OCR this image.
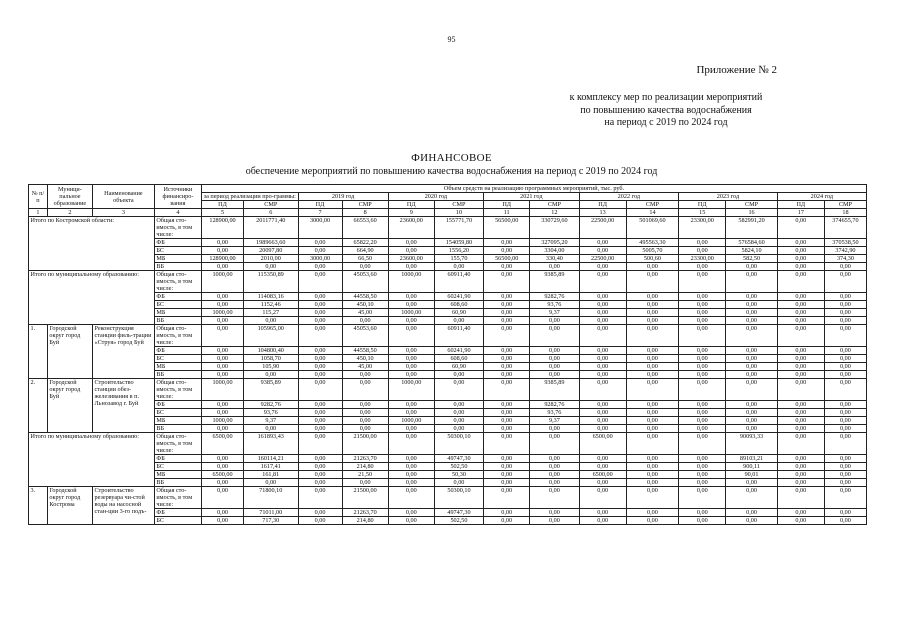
95
Приложение № 2
к комплексу мер по реализации мероприятий
по повышению качества водоснабжения
на период с 2019 по 2024 год
ФИНАНСОВОЕ
обеспечение мероприятий по повышению качества водоснабжения на период с 2019 по 2024 год
№ п/п	Муници-пальное образование	Наименование объекта	Источники финансиро-вания	Объем средств на реализацию программных мероприятий, тыс. руб.													
				за период реализации про-граммы:		2019 год		2020 год		2021 год		2022 год		2023 год		2024 год	
				ПД	СМР	ПД	СМР	ПД	СМР	ПД	СМР	ПД	СМР	ПД	СМР	ПД	СМР
1	2	3	4	5	6	7	8	9	10	11	12	13	14	15	16	17	18
Итого по Костромской области:			Общая сто-имость, в том числе:	128900,00	2011771,40	3000,00	66553,60	23600,00	155771,70	56500,00	330729,60	22500,00	501069,60	23300,00	582991,20	0,00	374655,70
			ФБ	0,00	1989663,60	0,00	65822,20	0,00	154059,80	0,00	327095,20	0,00	495563,30	0,00	576584,60	0,00	370538,50
			БС	0,00	20097,80	0,00	664,90	0,00	1556,20	0,00	3304,00	0,00	5005,70	0,00	5824,10	0,00	3742,90
			МБ	128900,00	2010,00	3000,00	66,50	23600,00	155,70	56500,00	330,40	22500,00	500,60	23300,00	582,50	0,00	374,30
			ВБ	0,00	0,00	0,00	0,00	0,00	0,00	0,00	0,00	0,00	0,00	0,00	0,00	0,00	0,00
Итого по муниципальному образованию:			Общая сто-имость, в том числе:	1000,00	115350,89	0,00	45053,60	1000,00	60911,40	0,00	9385,89	0,00	0,00	0,00	0,00	0,00	0,00
			ФБ	0,00	114083,16	0,00	44558,50	0,00	60241,90	0,00	9282,76	0,00	0,00	0,00	0,00	0,00	0,00
			БС	0,00	1152,46	0,00	450,10	0,00	608,60	0,00	93,76	0,00	0,00	0,00	0,00	0,00	0,00
			МБ	1000,00	115,27	0,00	45,00	1000,00	60,90	0,00	9,37	0,00	0,00	0,00	0,00	0,00	0,00
			ВБ	0,00	0,00	0,00	0,00	0,00	0,00	0,00	0,00	0,00	0,00	0,00	0,00	0,00	0,00
1.	Городской округ город Буй	Реконструкция станции филь-трации «Струя» город Буй	Общая сто-имость, в том числе:	0,00	105965,00	0,00	45053,60	0,00	60911,40	0,00	0,00	0,00	0,00	0,00	0,00	0,00	0,00
			ФБ	0,00	104800,40	0,00	44558,50	0,00	60241,90	0,00	0,00	0,00	0,00	0,00	0,00	0,00	0,00
			БС	0,00	1058,70	0,00	450,10	0,00	608,60	0,00	0,00	0,00	0,00	0,00	0,00	0,00	0,00
			МБ	0,00	105,90	0,00	45,00	0,00	60,90	0,00	0,00	0,00	0,00	0,00	0,00	0,00	0,00
			ВБ	0,00	0,00	0,00	0,00	0,00	0,00	0,00	0,00	0,00	0,00	0,00	0,00	0,00	0,00
2.	Городской округ город Буй	Строительство станции обез-железивания в п. Льнозавод г. Буй	Общая сто-имость, в том числе:	1000,00	9385,89	0,00	0,00	1000,00	0,00	0,00	9385,89	0,00	0,00	0,00	0,00	0,00	0,00
			ФБ	0,00	9282,76	0,00	0,00	0,00	0,00	0,00	9282,76	0,00	0,00	0,00	0,00	0,00	0,00
			БС	0,00	93,76	0,00	0,00	0,00	0,00	0,00	93,76	0,00	0,00	0,00	0,00	0,00	0,00
			МБ	1000,00	9,37	0,00	0,00	1000,00	0,00	0,00	9,37	0,00	0,00	0,00	0,00	0,00	0,00
			ВБ	0,00	0,00	0,00	0,00	0,00	0,00	0,00	0,00	0,00	0,00	0,00	0,00	0,00	0,00
Итого по муниципальному образованию:			Общая сто-имость, в том числе:	6500,00	161893,43	0,00	21500,00	0,00	50300,10	0,00	0,00	6500,00	0,00	0,00	90093,33	0,00	0,00
			ФБ	0,00	160114,21	0,00	21263,70	0,00	49747,30	0,00	0,00	0,00	0,00	0,00	89103,21	0,00	0,00
			БС	0,00	1617,41	0,00	214,80	0,00	502,50	0,00	0,00	0,00	0,00	0,00	900,11	0,00	0,00
			МБ	6500,00	161,81	0,00	21,50	0,00	50,30	0,00	0,00	6500,00	0,00	0,00	90,01	0,00	0,00
			ВБ	0,00	0,00	0,00	0,00	0,00	0,00	0,00	0,00	0,00	0,00	0,00	0,00	0,00	0,00
3.	Городской округ город Кострома	Строительство резервуара чи-стой воды на насосной стан-ции 3-го подъ-	Общая сто-имость, в том числе:	0,00	71800,10	0,00	21500,00	0,00	50300,10	0,00	0,00	0,00	0,00	0,00	0,00	0,00	0,00
			ФБ	0,00	71011,00	0,00	21263,70	0,00	49747,30	0,00	0,00	0,00	0,00	0,00	0,00	0,00	0,00
			БС	0,00	717,30	0,00	214,80	0,00	502,50	0,00	0,00	0,00	0,00	0,00	0,00	0,00	0,00
